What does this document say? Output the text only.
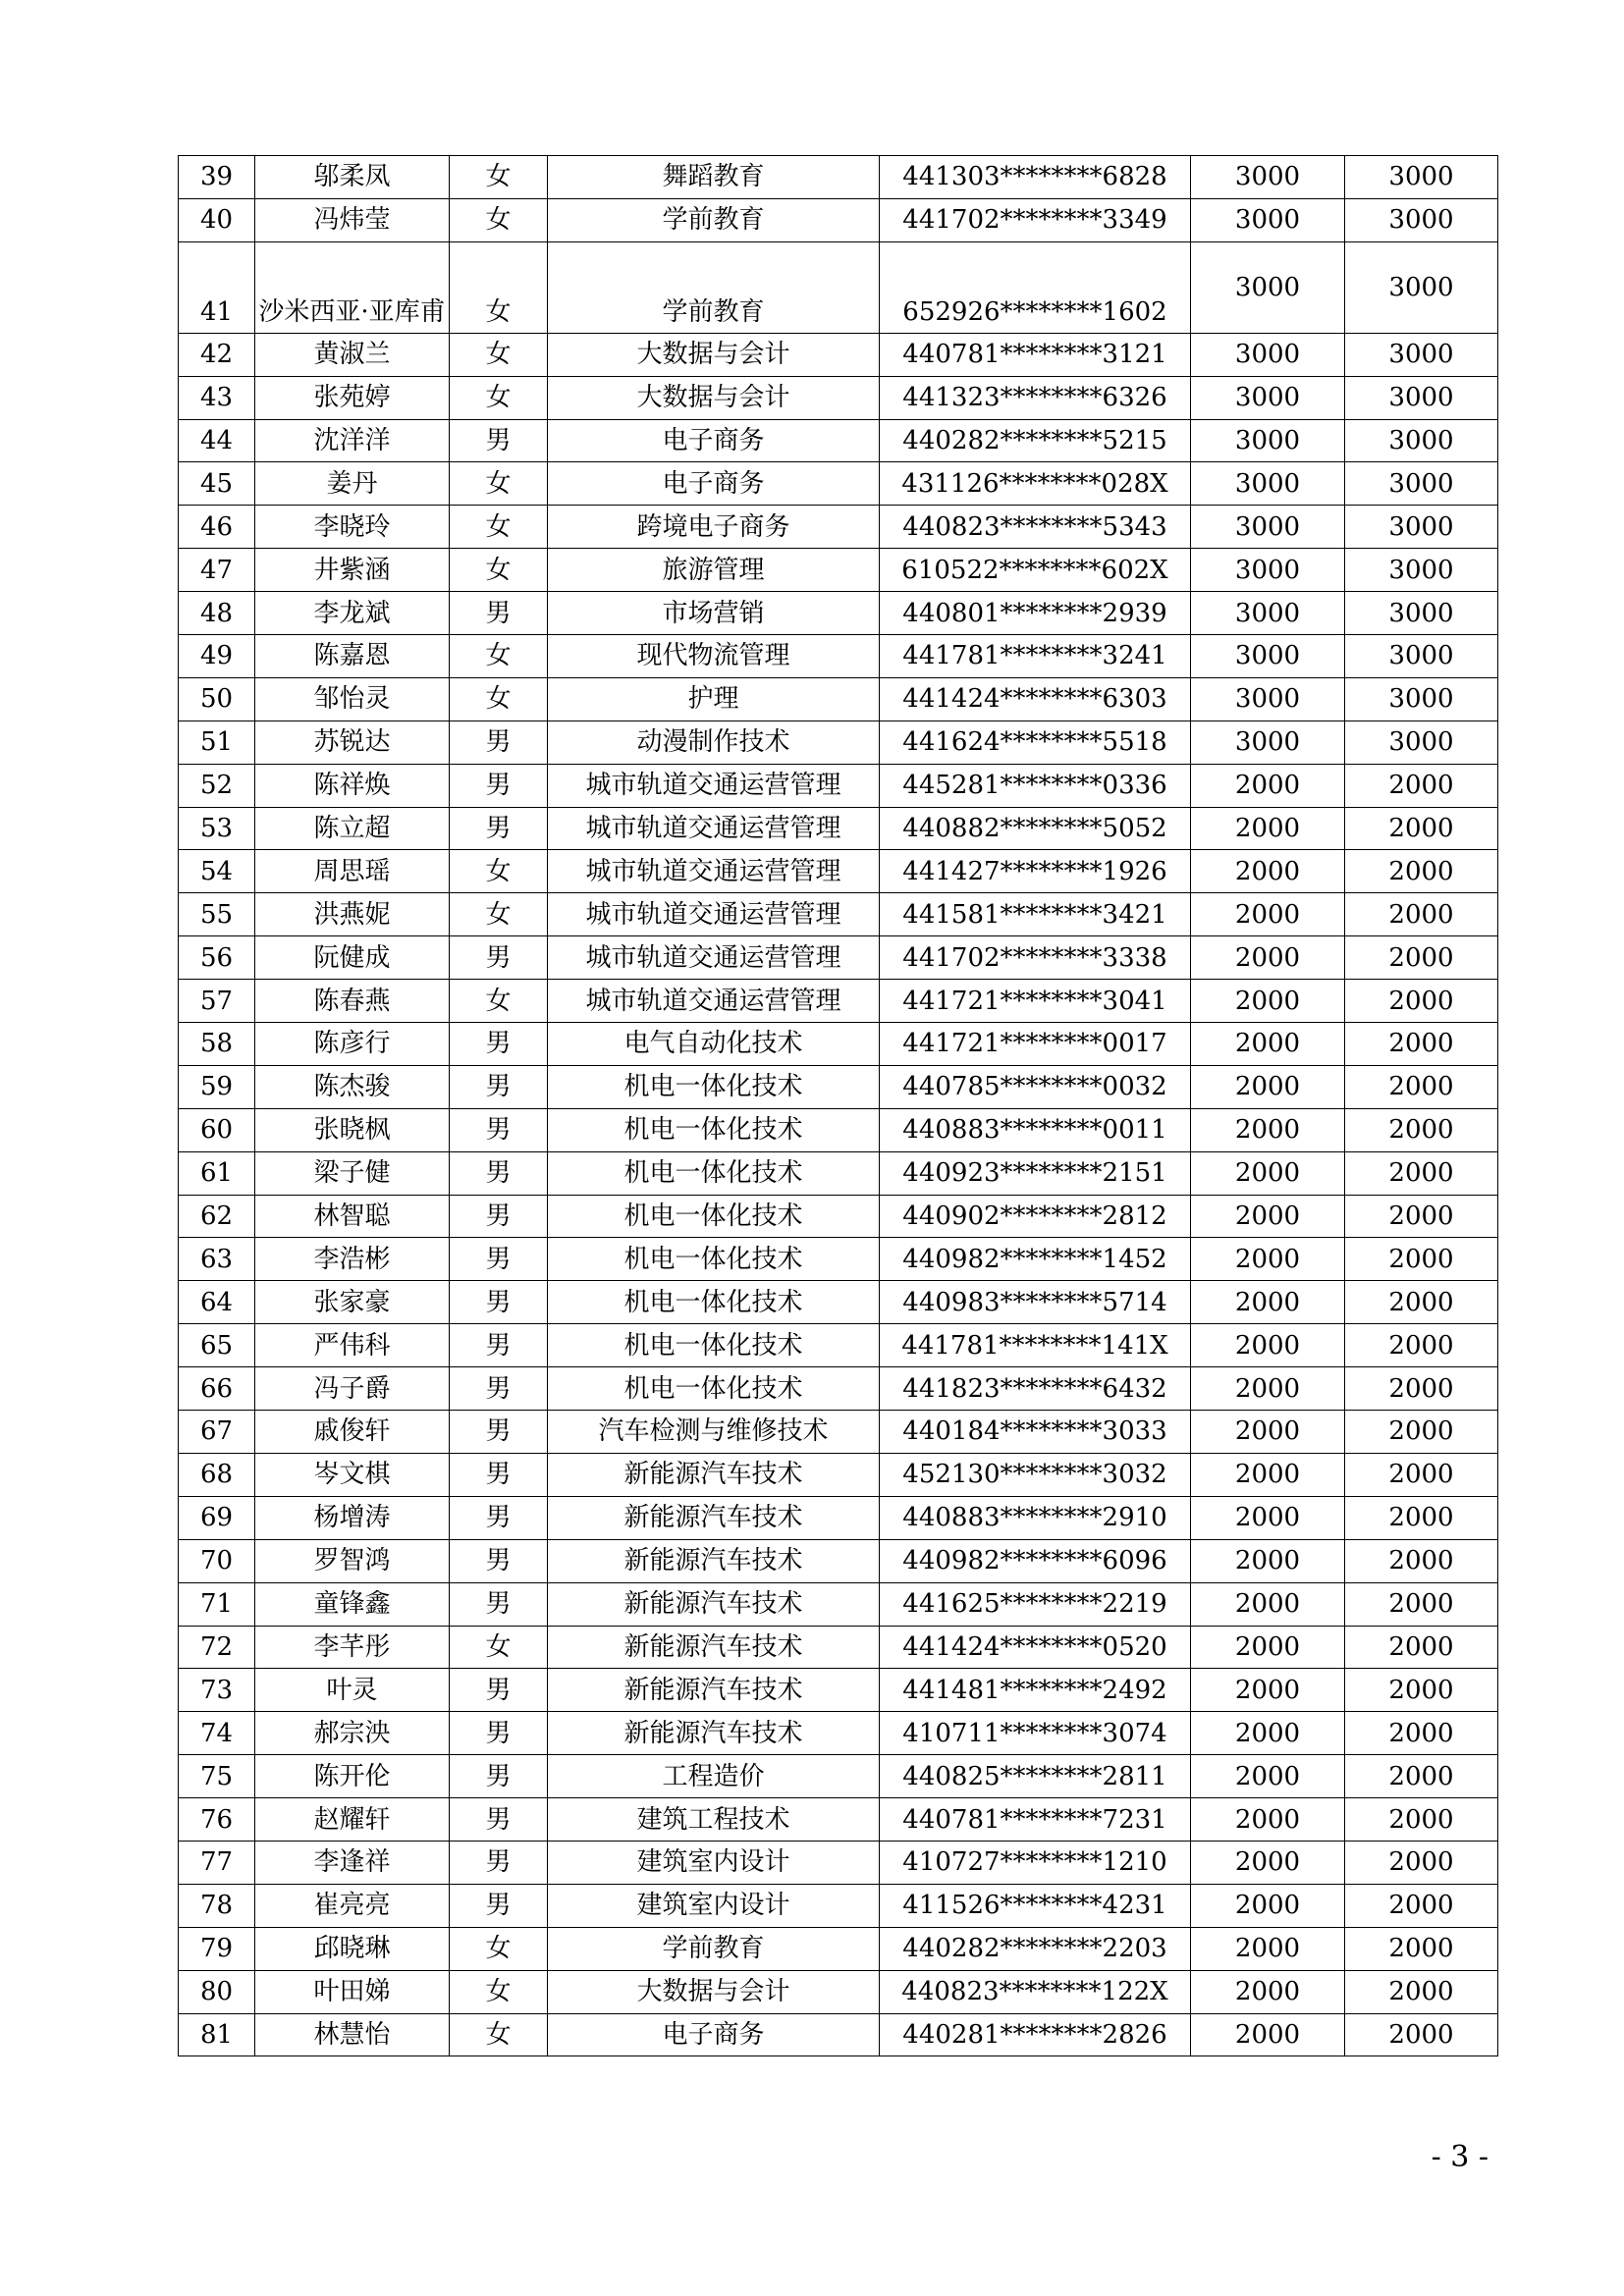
39	邬柔凤	女	舞蹈教育	441303********6828	3000	3000
40	冯炜莹	女	学前教育	441702********3349	3000	3000
41	沙米西亚·亚库甫	女	学前教育	652926********1602	3000	3000
42	黄淑兰	女	大数据与会计	440781********3121	3000	3000
43	张苑婷	女	大数据与会计	441323********6326	3000	3000
44	沈洋洋	男	电子商务	440282********5215	3000	3000
45	姜丹	女	电子商务	431126********028X	3000	3000
46	李晓玲	女	跨境电子商务	440823********5343	3000	3000
47	井紫涵	女	旅游管理	610522********602X	3000	3000
48	李龙斌	男	市场营销	440801********2939	3000	3000
49	陈嘉恩	女	现代物流管理	441781********3241	3000	3000
50	邹怡灵	女	护理	441424********6303	3000	3000
51	苏锐达	男	动漫制作技术	441624********5518	3000	3000
52	陈祥焕	男	城市轨道交通运营管理	445281********0336	2000	2000
53	陈立超	男	城市轨道交通运营管理	440882********5052	2000	2000
54	周思瑶	女	城市轨道交通运营管理	441427********1926	2000	2000
55	洪燕妮	女	城市轨道交通运营管理	441581********3421	2000	2000
56	阮健成	男	城市轨道交通运营管理	441702********3338	2000	2000
57	陈春燕	女	城市轨道交通运营管理	441721********3041	2000	2000
58	陈彦行	男	电气自动化技术	441721********0017	2000	2000
59	陈杰骏	男	机电一体化技术	440785********0032	2000	2000
60	张晓枫	男	机电一体化技术	440883********0011	2000	2000
61	梁子健	男	机电一体化技术	440923********2151	2000	2000
62	林智聪	男	机电一体化技术	440902********2812	2000	2000
63	李浩彬	男	机电一体化技术	440982********1452	2000	2000
64	张家豪	男	机电一体化技术	440983********5714	2000	2000
65	严伟科	男	机电一体化技术	441781********141X	2000	2000
66	冯子爵	男	机电一体化技术	441823********6432	2000	2000
67	戚俊轩	男	汽车检测与维修技术	440184********3033	2000	2000
68	岑文棋	男	新能源汽车技术	452130********3032	2000	2000
69	杨增涛	男	新能源汽车技术	440883********2910	2000	2000
70	罗智鸿	男	新能源汽车技术	440982********6096	2000	2000
71	童锋鑫	男	新能源汽车技术	441625********2219	2000	2000
72	李芊彤	女	新能源汽车技术	441424********0520	2000	2000
73	叶灵	男	新能源汽车技术	441481********2492	2000	2000
74	郝宗泱	男	新能源汽车技术	410711********3074	2000	2000
75	陈开伦	男	工程造价	440825********2811	2000	2000
76	赵耀轩	男	建筑工程技术	440781********7231	2000	2000
77	李逢祥	男	建筑室内设计	410727********1210	2000	2000
78	崔亮亮	男	建筑室内设计	411526********4231	2000	2000
79	邱晓琳	女	学前教育	440282********2203	2000	2000
80	叶田娣	女	大数据与会计	440823********122X	2000	2000
81	林慧怡	女	电子商务	440281********2826	2000	2000
- 3 -
